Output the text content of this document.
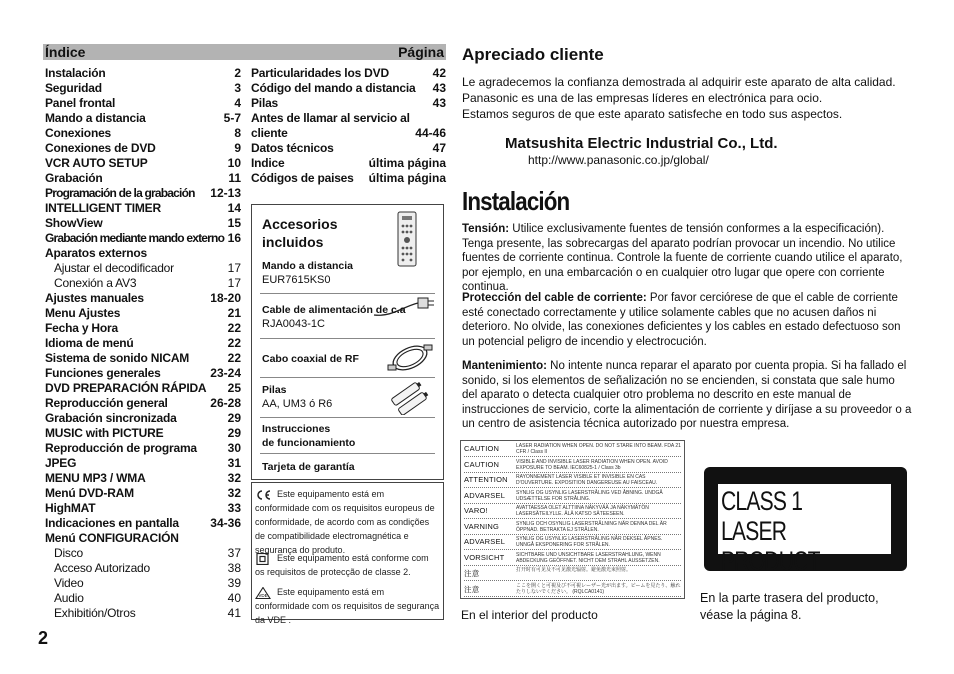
Índice	Página
Instalación	2
Seguridad	3
Panel frontal	4
Mando a distancia	5-7
Conexiones	8
Conexiones de DVD	9
VCR AUTO SETUP	10
Grabación	11
Programación de la grabación 12-13
INTELLIGENT TIMER	14
ShowView	15
Grabación mediante mando externo 16
Aparatos externos
Ajustar el decodificador	17
Conexión a AV3	17
Ajustes manuales	18-20
Menu Ajustes	21
Fecha y Hora	22
Idioma de menú	22
Sistema de sonido NICAM	22
Funciones generales	23-24
DVD PREPARACIÓN RÁPIDA 25
Reproducción general	26-28
Grabación sincronizada	29
MUSIC with PICTURE	29
Reproducción de programa	30
JPEG	31
MENU MP3 / WMA	32
Menú DVD-RAM	32
HighMAT	33
Indicaciones en pantalla	34-36
Menú CONFIGURACIÓN
Disco	37
Acceso Autorizado	38
Video	39
Audio	40
Exhibitión/Otros	41
Particularidades los DVD	42
Código del mando a distancia 43
Pilas	43
Antes de llamar al servicio al
cliente	44-46
Datos técnicos	47
Indice	última página
Códigos de paises última página
Accesorios
incluidos
Mando a distancia
EUR7615KS0
Cable de alimentación de c.a
RJA0043-1C
Cabo coaxial de RF
Pilas
AA, UM3 ó R6
Instrucciones
de funcionamiento
Tarjeta de garantía
Este equipamento está em conformidade com os requisitos europeus de conformidade, de acordo com as condições de compatibilidade electromagnética e segurança do produto.
Este equipamento está conforme com os requisitos de protecção de classe 2.
VDE Este equipamento está em conformidade com os requisitos de segurança da VDE .
Apreciado cliente
Le agradecemos la confianza demostrada al adquirir este aparato de alta calidad.
Panasonic es una de las empresas líderes en electrónica para ocio.
Estamos seguros de que este aparato satisfeche en todo sus aspectos.
Matsushita Electric Industrial Co., Ltd.
http://www.panasonic.co.jp/global/
Instalación
Tensión: Utilice exclusivamente fuentes de tensión conformes a la especificación). Tenga presente, las sobrecargas del aparato podrían provocar un incendio. No utilice fuentes de corriente continua. Controle la fuente de corriente cuando utilice el aparato, por ejemplo, en una embarcación o en cualquier otro lugar que opere con corriente continua.
Protección del cable de corriente: Por favor cerciórese de que el cable de corriente esté conectado correctamente y utilice solamente cables que no acusen daños ni deterioro. No olvide, las conexiones deficientes y los cables en estado defectuoso son un potencial peligro de incendio y electrocución.
Mantenimiento: No intente nunca reparar el aparato por cuenta propia. Si ha fallado el sonido, si los elementos de señalización no se encienden, si constata que sale humo del aparato o detecta cualquier otro problema no descrito en este manual de instrucciones de servicio, corte la alimentación de corriente y diríjase a su proveedor o a un centro de asistencia técnica autorizado por nuestra empresa.
CAUTION	LASER RADIATION WHEN OPEN. DO NOT STARE INTO BEAM. FDA 21 CFR / Class II
CAUTION	VISIBLE AND INVISIBLE LASER RADIATION WHEN OPEN. AVOID EXPOSURE TO BEAM. IEC60825-1 / Class 3b
ATTENTION	RAYONNEMENT LASER VISIBLE ET INVISIBLE EN CAS D'OUVERTURE. EXPOSITION DANGEREUSE AU FAISCEAU.
ADVARSEL	SYNLIG OG USYNLIG LASERSTRÅLING VED ÅBNING. UNDGÅ UDSÆTTELSE FOR STRÅLING.
VARO!	AVATTAESSA OLET ALTTIINA NÄKYVÄÄ JA NÄKYMÄTÖN LASERSÄTEILYLLE. ÄLÄ KATSO SÄTEESEEN.
VARNING	SYNLIG OCH OSYNLIG LASERSTRÅLNING NÄR DENNA DEL ÄR ÖPPNAD. BETRAKTA EJ STRÅLEN.
ADVARSEL	SYNLIG OG USYNLIG LASERSTRÅLING NÅR DEKSEL ÅPNES. UNNGÅ EKSPONERING FOR STRÅLEN.
VORSICHT	SICHTBARE UND UNSICHTBARE LASERSTRAHLUNG, WENN ABDECKUNG GEÖFFNET. NICHT DEM STRAHL AUSSETZEN.
注意	打开时有可见及不可见激光辐射。避免激光束照射。
注意	ここを開くと可視及び不可視レーザー光が出ます。ビームを見たり、触れたりしないでください。 (RQLCA0141)
En el interior del producto
CLASS 1
LASER PRODUCT
En la parte trasera del producto,
véase la página 8.
2
